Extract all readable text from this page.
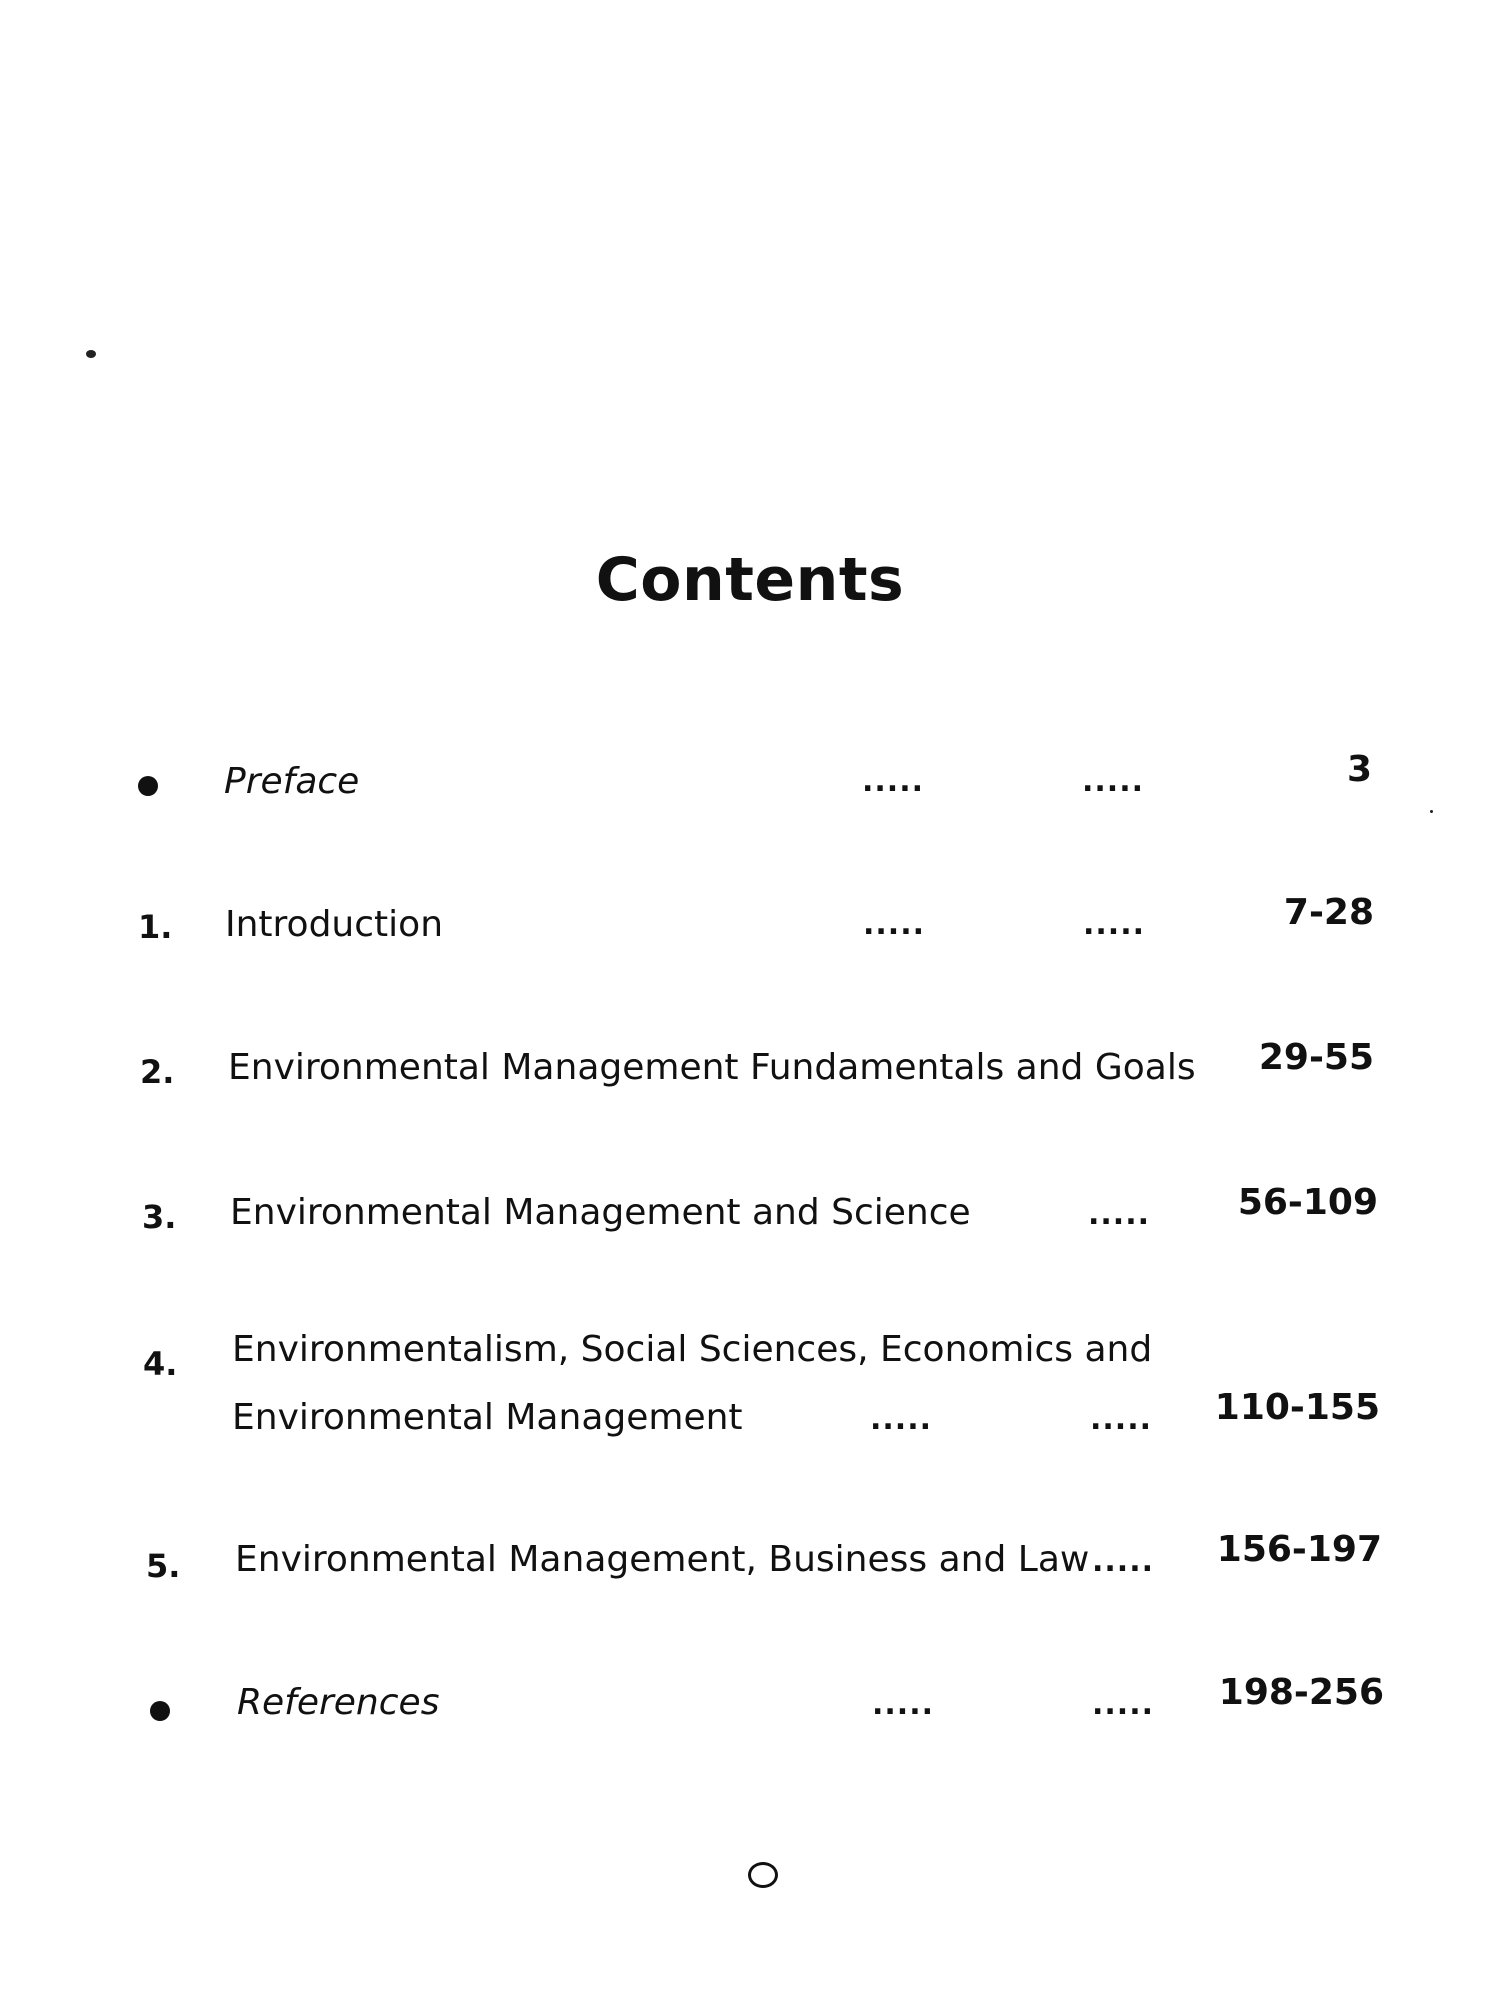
Contents
Preface	.....	.....	3
1. Introduction	.....	.....	7-28
2. Environmental Management Fundamentals and Goals	29-55
3. Environmental Management and Science	.....	56-109
4. Environmentalism, Social Sciences, Economics and
Environmental Management	.....	.....	110-155
5. Environmental Management, Business and Law .....	156-197
References	.....	.....	198-256
